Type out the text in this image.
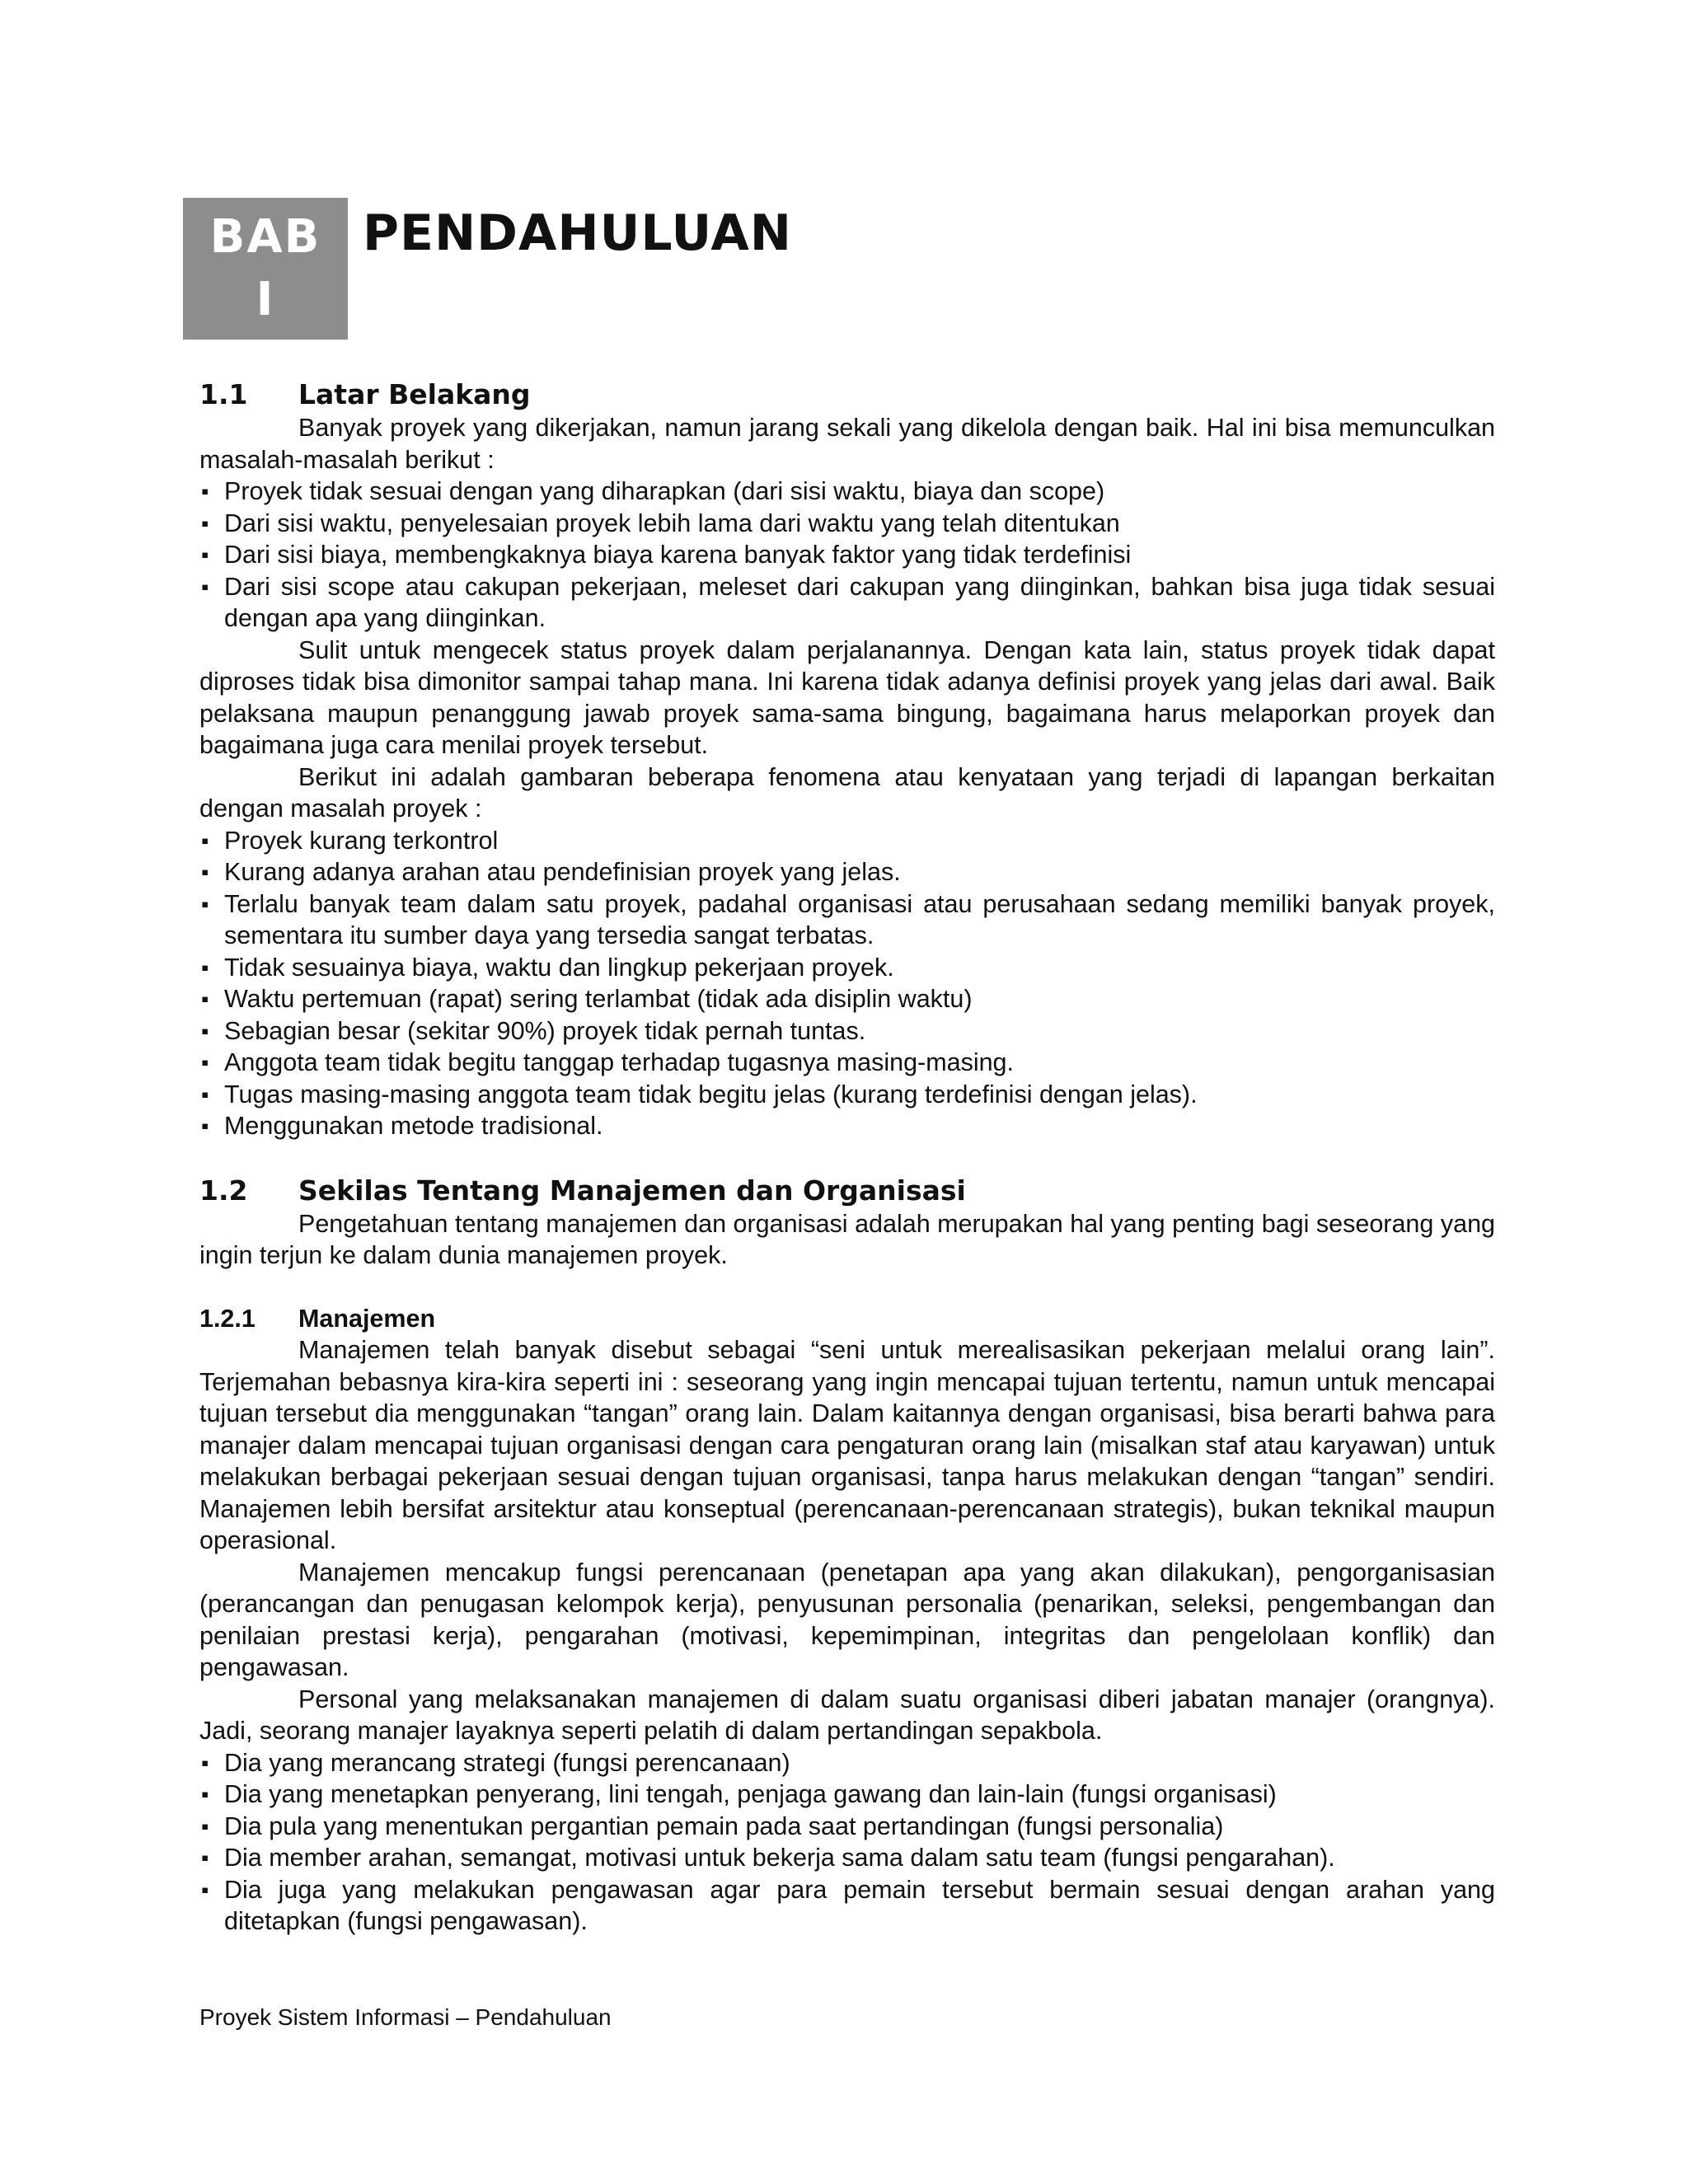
BAB
I
PENDAHULUAN
1.1	Latar Belakang

Banyak proyek yang dikerjakan, namun jarang sekali yang dikelola dengan baik. Hal ini bisa memunculkan masalah-masalah berikut :

▪ Proyek tidak sesuai dengan yang diharapkan (dari sisi waktu, biaya dan scope)
▪ Dari sisi waktu, penyelesaian proyek lebih lama dari waktu yang telah ditentukan
▪ Dari sisi biaya, membengkaknya biaya karena banyak faktor yang tidak terdefinisi
▪ Dari sisi scope atau cakupan pekerjaan, meleset dari cakupan yang diinginkan, bahkan bisa juga tidak sesuai dengan apa yang diinginkan.

Sulit untuk mengecek status proyek dalam perjalanannya. Dengan kata lain, status proyek tidak dapat diproses tidak bisa dimonitor sampai tahap mana. Ini karena tidak adanya definisi proyek yang jelas dari awal. Baik pelaksana maupun penanggung jawab proyek sama-sama bingung, bagaimana harus melaporkan proyek dan bagaimana juga cara menilai proyek tersebut.

Berikut ini adalah gambaran beberapa fenomena atau kenyataan yang terjadi di lapangan berkaitan dengan masalah proyek :

▪ Proyek kurang terkontrol
▪ Kurang adanya arahan atau pendefinisian proyek yang jelas.
▪ Terlalu banyak team dalam satu proyek, padahal organisasi atau perusahaan sedang memiliki banyak proyek, sementara itu sumber daya yang tersedia sangat terbatas.
▪ Tidak sesuainya biaya, waktu dan lingkup pekerjaan proyek.
▪ Waktu pertemuan (rapat) sering terlambat (tidak ada disiplin waktu)
▪ Sebagian besar (sekitar 90%) proyek tidak pernah tuntas.
▪ Anggota team tidak begitu tanggap terhadap tugasnya masing-masing.
▪ Tugas masing-masing anggota team tidak begitu jelas (kurang terdefinisi dengan jelas).
▪ Menggunakan metode tradisional.
1.2	Sekilas Tentang Manajemen dan Organisasi

Pengetahuan tentang manajemen dan organisasi adalah merupakan hal yang penting bagi seseorang yang ingin terjun ke dalam dunia manajemen proyek.

1.2.1	Manajemen

Manajemen telah banyak disebut sebagai “seni untuk merealisasikan pekerjaan melalui orang lain”. Terjemahan bebasnya kira-kira seperti ini : seseorang yang ingin mencapai tujuan tertentu, namun untuk mencapai tujuan tersebut dia menggunakan “tangan” orang lain. Dalam kaitannya dengan organisasi, bisa berarti bahwa para manajer dalam mencapai tujuan organisasi dengan cara pengaturan orang lain (misalkan staf atau karyawan) untuk melakukan berbagai pekerjaan sesuai dengan tujuan organisasi, tanpa harus melakukan dengan “tangan” sendiri. Manajemen lebih bersifat arsitektur atau konseptual (perencanaan-perencanaan strategis), bukan teknikal maupun operasional.

Manajemen mencakup fungsi perencanaan (penetapan apa yang akan dilakukan), pengorganisasian (perancangan dan penugasan kelompok kerja), penyusunan personalia (penarikan, seleksi, pengembangan dan penilaian prestasi kerja), pengarahan (motivasi, kepemimpinan, integritas dan pengelolaan konflik) dan pengawasan.

Personal yang melaksanakan manajemen di dalam suatu organisasi diberi jabatan manajer (orangnya). Jadi, seorang manajer layaknya seperti pelatih di dalam pertandingan sepakbola.

▪ Dia yang merancang strategi (fungsi perencanaan)
▪ Dia yang menetapkan penyerang, lini tengah, penjaga gawang dan lain-lain (fungsi organisasi)
▪ Dia pula yang menentukan pergantian pemain pada saat pertandingan (fungsi personalia)
▪ Dia member arahan, semangat, motivasi untuk bekerja sama dalam satu team (fungsi pengarahan).
▪ Dia juga yang melakukan pengawasan agar para pemain tersebut bermain sesuai dengan arahan yang ditetapkan (fungsi pengawasan).
Proyek Sistem Informasi – Pendahuluan
